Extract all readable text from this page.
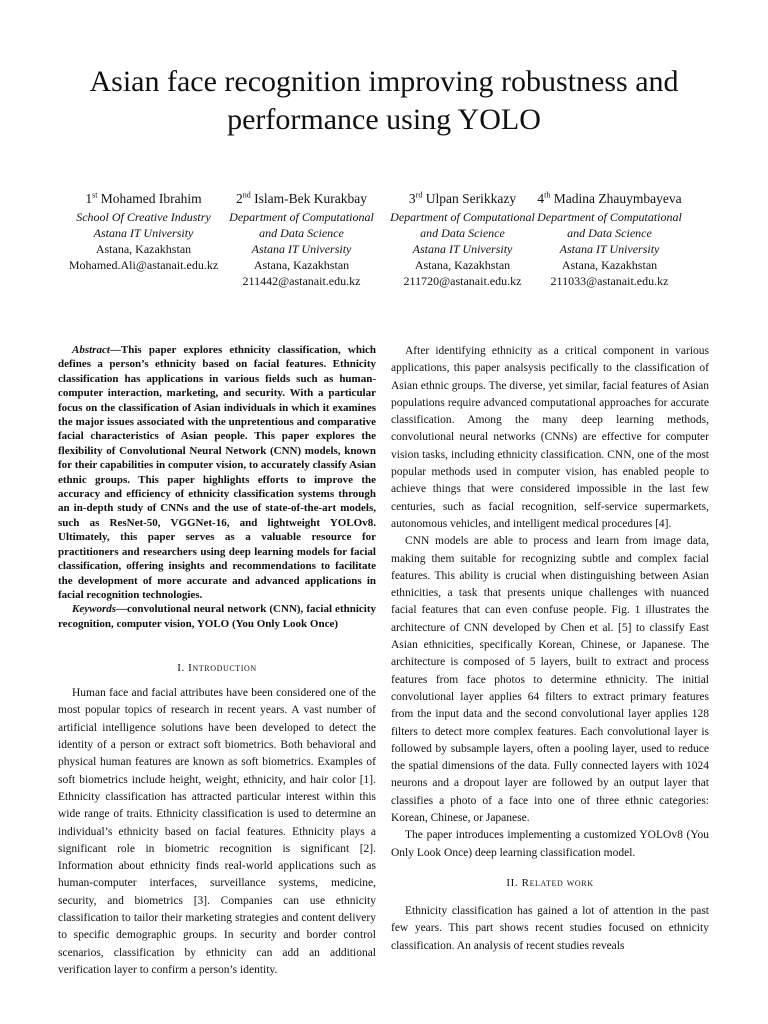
Asian face recognition improving robustness and performance using YOLO
1st Mohamed Ibrahim
School Of Creative Industry
Astana IT University
Astana, Kazakhstan
Mohamed.Ali@astanait.edu.kz
2nd Islam-Bek Kurakbay
Department of Computational
and Data Science
Astana IT University
Astana, Kazakhstan
211442@astanait.edu.kz
3rd Ulpan Serikkazy
Department of Computational
and Data Science
Astana IT University
Astana, Kazakhstan
211720@astanait.edu.kz
4th Madina Zhauymbayeva
Department of Computational
and Data Science
Astana IT University
Astana, Kazakhstan
211033@astanait.edu.kz

Abstract—This paper explores ethnicity classification, which defines a person’s ethnicity based on facial features. Ethnicity classification has applications in various fields such as human-computer interaction, marketing, and security. With a particular focus on the classification of Asian individuals in which it examines the major issues associated with the unpretentious and comparative facial characteristics of Asian people. This paper explores the flexibility of Convolutional Neural Network (CNN) models, known for their capabilities in computer vision, to accurately classify Asian ethnic groups. This paper highlights efforts to improve the accuracy and efficiency of ethnicity classification systems through an in-depth study of CNNs and the use of state-of-the-art models, such as ResNet-50, VGGNet-16, and lightweight YOLOv8. Ultimately, this paper serves as a valuable resource for practitioners and researchers using deep learning models for facial classification, offering insights and recommendations to facilitate the development of more accurate and advanced applications in facial recognition technologies.

Keywords—convolutional neural network (CNN), facial ethnicity recognition, computer vision, YOLO (You Only Look Once)

I. Introduction

Human face and facial attributes have been considered one of the most popular topics of research in recent years. A vast number of artificial intelligence solutions have been developed to detect the identity of a person or extract soft biometrics. Both behavioral and physical human features are known as soft biometrics. Examples of soft biometrics include height, weight, ethnicity, and hair color [1]. Ethnicity classification has attracted particular interest within this wide range of traits. Ethnicity classification is used to determine an individual’s ethnicity based on facial features. Ethnicity plays a significant role in biometric recognition is significant [2]. Information about ethnicity finds real-world applications such as human-computer interfaces, surveillance systems, medicine, security, and biometrics [3]. Companies can use ethnicity classification to tailor their marketing strategies and content delivery to specific demographic groups. In security and border control scenarios, classification by ethnicity can add an additional verification layer to confirm a person’s identity.

After identifying ethnicity as a critical component in various applications, this paper analsysis pecifically to the classification of Asian ethnic groups. The diverse, yet similar, facial features of Asian populations require advanced computational approaches for accurate classification. Among the many deep learning methods, convolutional neural networks (CNNs) are effective for computer vision tasks, including ethnicity classification. CNN, one of the most popular methods used in computer vision, has enabled people to achieve things that were considered impossible in the last few centuries, such as facial recognition, self-service supermarkets, autonomous vehicles, and intelligent medical procedures [4].

CNN models are able to process and learn from image data, making them suitable for recognizing subtle and complex facial features. This ability is crucial when distinguishing between Asian ethnicities, a task that presents unique challenges with nuanced facial features that can even confuse people. Fig. 1 illustrates the architecture of CNN developed by Chen et al. [5] to classify East Asian ethnicities, specifically Korean, Chinese, or Japanese. The architecture is composed of 5 layers, built to extract and process features from face photos to determine ethnicity. The initial convolutional layer applies 64 filters to extract primary features from the input data and the second convolutional layer applies 128 filters to detect more complex features. Each convolutional layer is followed by subsample layers, often a pooling layer, used to reduce the spatial dimensions of the data. Fully connected layers with 1024 neurons and a dropout layer are followed by an output layer that classifies a photo of a face into one of three ethnic categories: Korean, Chinese, or Japanese.

The paper introduces implementing a customized YOLOv8 (You Only Look Once) deep learning classification model.

II. Related work

Ethnicity classification has gained a lot of attention in the past few years. This part shows recent studies focused on ethnicity classification. An analysis of recent studies reveals
